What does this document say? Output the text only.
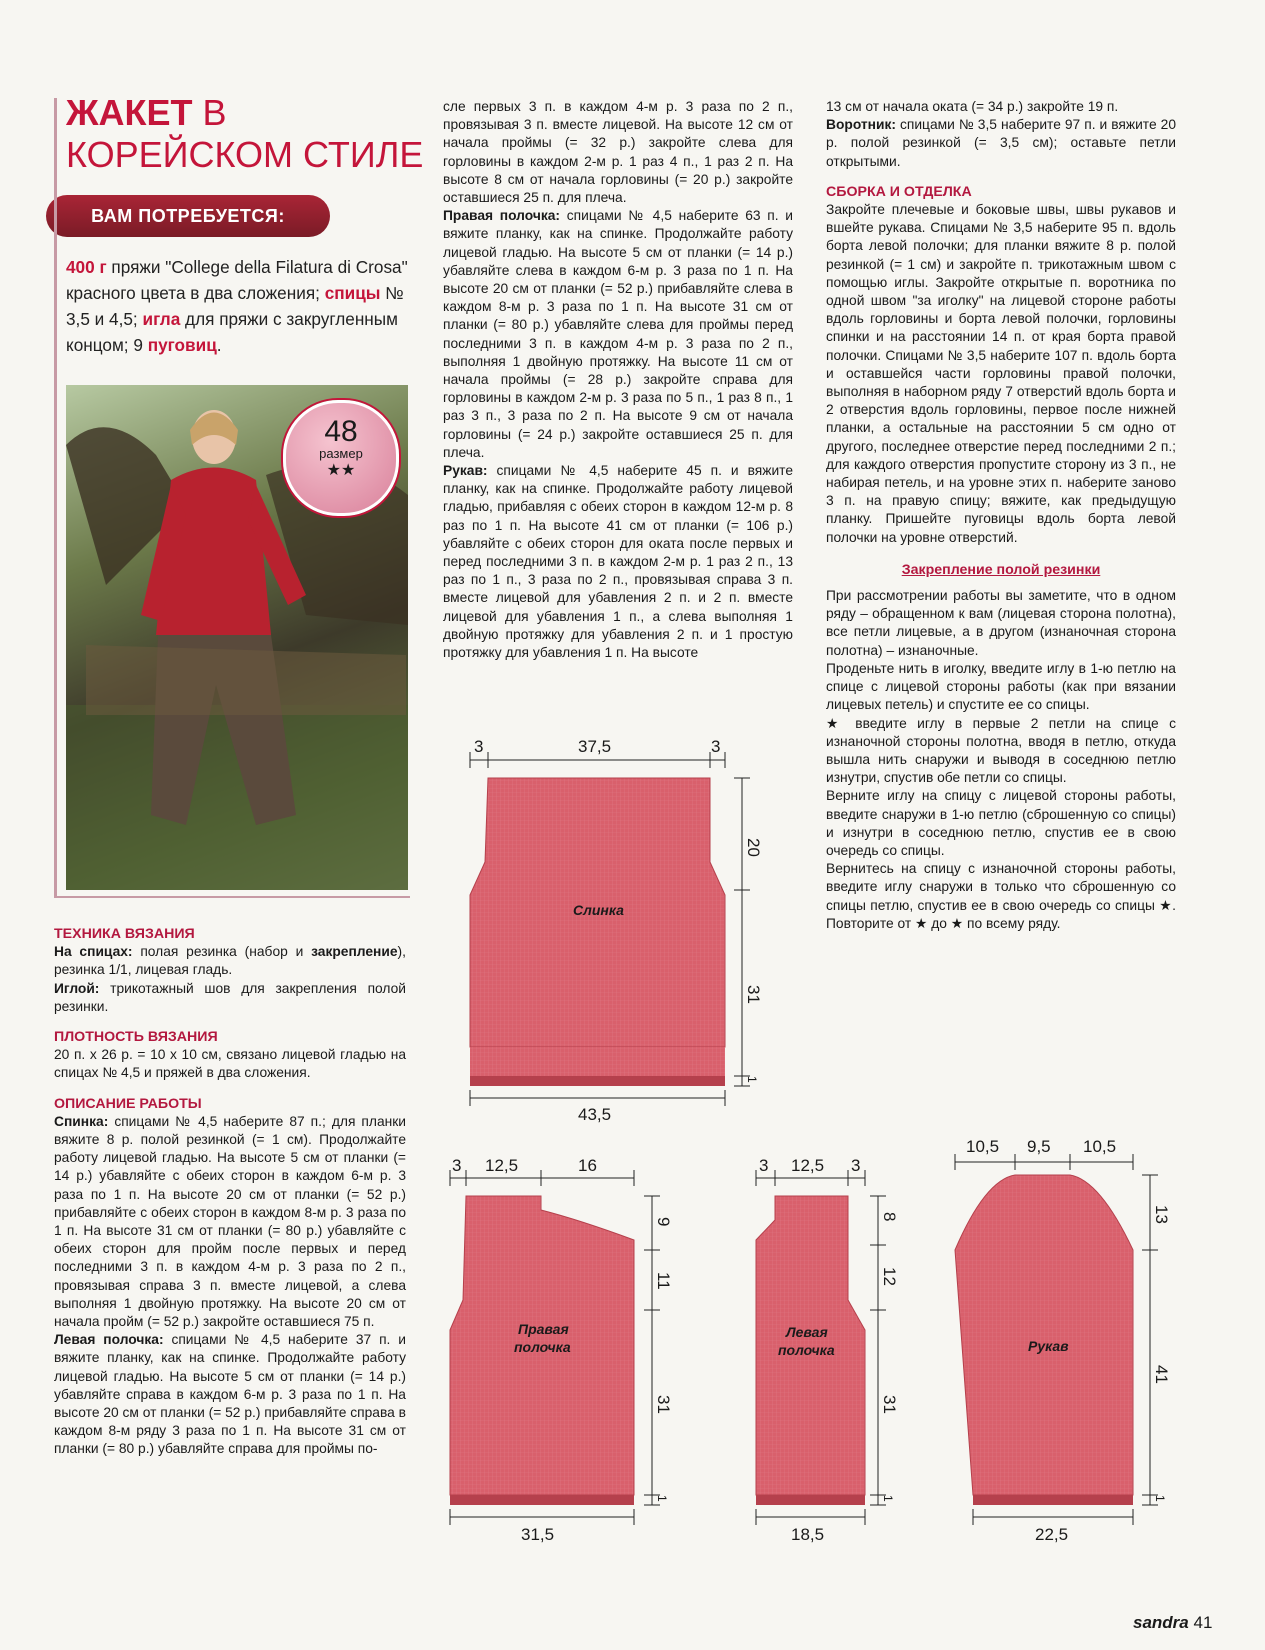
ЖАКЕТ В КОРЕЙСКОМ СТИЛЕ
ВАМ ПОТРЕБУЕТСЯ:
400 г пряжи "College della Filatura di Crosa" красного цвета в два сложения; спицы № 3,5 и 4,5; игла для пряжи с закругленным концом; 9 пуговиц.
48
размер
★★

ТЕХНИКА ВЯЗАНИЯ

На спицах: полая резинка (набор и закрепление), резинка 1/1, лицевая гладь.

Иглой: трикотажный шов для закрепления полой резинки.

ПЛОТНОСТЬ ВЯЗАНИЯ

20 п. х 26 р. = 10 х 10 см, связано лицевой гладью на спицах № 4,5 и пряжей в два сложения.

ОПИСАНИЕ РАБОТЫ

Спинка: спицами № 4,5 наберите 87 п.; для планки вяжите 8 р. полой резинкой (= 1 см). Продолжайте работу лицевой гладью. На высоте 5 см от планки (= 14 р.) убавляйте с обеих сторон в каждом 6-м р. 3 раза по 1 п. На высоте 20 см от планки (= 52 р.) прибавляйте с обеих сторон в каждом 8-м р. 3 раза по 1 п. На высоте 31 см от планки (= 80 р.) убавляйте с обеих сторон для пройм после первых и перед последними 3 п. в каждом 4-м р. 3 раза по 2 п., провязывая справа 3 п. вместе лицевой, а слева выполняя 1 двойную протяжку. На высоте 20 см от начала пройм (= 52 р.) закройте оставшиеся 75 п.

Левая полочка: спицами № 4,5 наберите 37 п. и вяжите планку, как на спинке. Продолжайте работу лицевой гладью. На высоте 5 см от планки (= 14 р.) убавляйте справа в каждом 6-м р. 3 раза по 1 п. На высоте 20 см от планки (= 52 р.) прибавляйте справа в каждом 8-м ряду 3 раза по 1 п. На высоте 31 см от планки (= 80 р.) убавляйте справа для проймы по-

сле первых 3 п. в каждом 4-м р. 3 раза по 2 п., провязывая 3 п. вместе лицевой. На высоте 12 см от начала проймы (= 32 р.) закройте слева для горловины в каждом 2-м р. 1 раз 4 п., 1 раз 2 п. На высоте 8 см от начала горловины (= 20 р.) закройте оставшиеся 25 п. для плеча.

Правая полочка: спицами № 4,5 наберите 63 п. и вяжите планку, как на спинке. Продолжайте работу лицевой гладью. На высоте 5 см от планки (= 14 р.) убавляйте слева в каждом 6-м р. 3 раза по 1 п. На высоте 20 см от планки (= 52 р.) прибавляйте слева в каждом 8-м р. 3 раза по 1 п. На высоте 31 см от планки (= 80 р.) убавляйте слева для проймы перед последними 3 п. в каждом 4-м р. 3 раза по 2 п., выполняя 1 двойную протяжку. На высоте 11 см от начала проймы (= 28 р.) закройте справа для горловины в каждом 2-м р. 3 раза по 5 п., 1 раз 8 п., 1 раз 3 п., 3 раза по 2 п. На высоте 9 см от начала горловины (= 24 р.) закройте оставшиеся 25 п. для плеча.

Рукав: спицами № 4,5 наберите 45 п. и вяжите планку, как на спинке. Продолжайте работу лицевой гладью, прибавляя с обеих сторон в каждом 12-м р. 8 раз по 1 п. На высоте 41 см от планки (= 106 р.) убавляйте с обеих сторон для оката после первых и перед последними 3 п. в каждом 2-м р. 1 раз 2 п., 13 раз по 1 п., 3 раза по 2 п., провязывая справа 3 п. вместе лицевой для убавления 2 п. и 2 п. вместе лицевой для убавления 1 п., а слева выполняя 1 двойную протяжку для убавления 2 п. и 1 простую протяжку для убавления 1 п. На высоте

13 см от начала оката (= 34 р.) закройте 19 п.

Воротник: спицами № 3,5 наберите 97 п. и вяжите 20 р. полой резинкой (= 3,5 см); оставьте петли открытыми.

СБОРКА И ОТДЕЛКА

Закройте плечевые и боковые швы, швы рукавов и вшейте рукава. Спицами № 3,5 наберите 95 п. вдоль борта левой полочки; для планки вяжите 8 р. полой резинкой (= 1 см) и закройте п. трикотажным швом с помощью иглы. Закройте открытые п. воротника по одной швом "за иголку" на лицевой стороне работы вдоль горловины и борта левой полочки, горловины спинки и на расстоянии 14 п. от края борта правой полочки. Спицами № 3,5 наберите 107 п. вдоль борта и оставшейся части горловины правой полочки, выполняя в наборном ряду 7 отверстий вдоль борта и 2 отверстия вдоль горловины, первое после нижней планки, а остальные на расстоянии 5 см одно от другого, последнее отверстие перед последними 2 п.; для каждого отверстия пропустите сторону из 3 п., не набирая петель, и на уровне этих п. наберите заново 3 п. на правую спицу; вяжите, как предыдущую планку. Пришейте пуговицы вдоль борта левой полочки на уровне отверстий.

Закрепление полой резинки

При рассмотрении работы вы заметите, что в одном ряду – обращенном к вам (лицевая сторона полотна), все петли лицевые, а в другом (изнаночная сторона полотна) – изнаночные.

Проденьте нить в иголку, введите иглу в 1-ю петлю на спице с лицевой стороны работы (как при вязании лицевых петель) и спустите ее со спицы.

★ введите иглу в первые 2 петли на спице с изнаночной стороны полотна, вводя в петлю, откуда вышла нить снаружи и выводя в соседнюю петлю изнутри, спустив обе петли со спицы.

Верните иглу на спицу с лицевой стороны работы, введите снаружи в 1-ю петлю (сброшенную со спицы) и изнутри в соседнюю петлю, спустив ее в свою очередь со спицы.

Вернитесь на спицу с изнаночной стороны работы, введите иглу снаружи в только что сброшенную со спицы петлю, спустив ее в свою очередь со спицы ★. Повторите от ★ до ★ по всему ряду.

3	37,5	3
43,5
20
31
1
Слинка
3 12,5	16
31,5
9
11
31
1
Правая
полочка
3 12,5 3
18,5
8
12
31
1
Левая
полочка
10,5 9,5 10,5
22,5
13
41
1
Рукав
sandra 41
